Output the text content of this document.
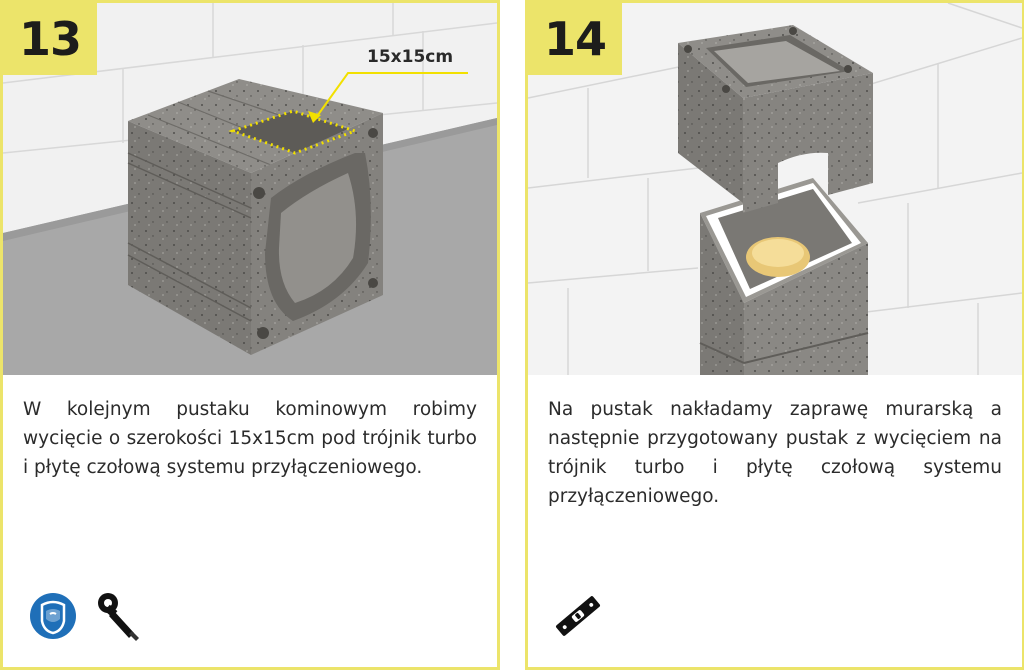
13	15x15cm

W kolejnym pustaku kominowym robimy wycięcie o szerokości 15x15cm pod trójnik turbo i płytę czołową systemu przyłączeniowego.

14

Na pustak nakładamy zaprawę murarską a następnie przygotowany pustak z wycięciem na trójnik turbo i płytę czołową systemu przyłączeniowego.
